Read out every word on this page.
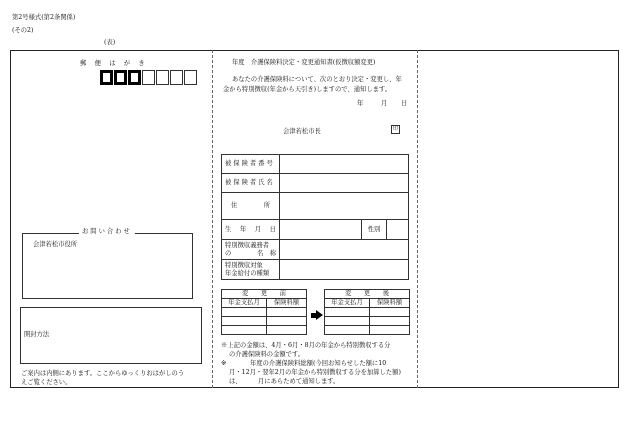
第2号様式(第2条関係)
(その2)
(表)
郵　便　は　が　き
お問い合わせ
会津若松市役所
開封方法
ご案内は内側にあります。ここからゆっくりおはがしのう
えご覧ください。
年度　介護保険料決定・変更通知書(仮徴収額変更)
あなたの介護保険料について、次のとおり決定・変更し、年
金から特別徴収(年金から天引き)しますので、通知します。
年	月 日
会津若松市長	印
被保険者番号			
被保険者氏名			

住 所			

生 年 月 日		性別	

特別徴収義務者
の 名　称			

特別徴収対象
年金給付の種類			

変　　更　　前	
年金支払月	保険料額

変　　更　　後	
年金支払月	保険料額

※上記の金額は、4月・6月・8月の年金から特別徴収する分
の介護保険料の金額です。
※	年度の介護保険料総額(今回お知らせした額に10
月・12月・翌年2月の年金から特別徴収する分を加算した額)
は、	月にあらためて通知します。
